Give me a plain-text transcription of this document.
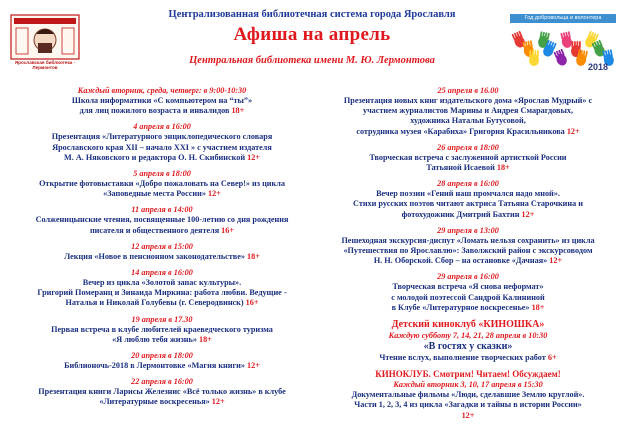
Централизованная библиотечная система города Ярославля
Афиша на апрель
Центральная библиотека имени М. Ю. Лермонтова
Ярославская библиотека · Лермонтов
Год добровольца и волонтера
2018
Каждый вторник, среда, четверг: в 9:00-10:30
Школа информатики «С компьютером на “ты”»
для лиц пожилого возраста и инвалидов 18+
4 апреля в 16:00
Презентация «Литературного энциклопедического словаря
Ярославского края XII – начало XXI » с участием издателя
М. А. Няковского и редактора О. Н. Скибинской 12+
5 апреля в 18:00
Открытие фотовыставки «Добро пожаловать на Север!» из цикла
«Заповедные места России» 12+
11 апреля в 14:00
Солженицынские чтения, посвященные 100-летию со дня рождения
писателя и общественного деятеля 16+
12 апреля в 15:00
Лекция «Новое в пенсионном законодательстве» 18+
14 апреля в 16:00
Вечер из цикла «Золотой запас культуры».
Григорий Померанц и Зинаида Миркина: работа любви. Ведущие -
Наталья и Николай Голубевы (г. Северодвинск) 16+
19 апреля в 17.30
Первая встреча в клубе любителей краеведческого туризма
«Я люблю тебя жизнь» 18+
20 апреля в 18:00
Библионочь-2018 в Лермонтовке «Магия книги» 12+
22 апреля в 16:00
Презентация книги Ларисы Железнис «Всё только жизнь» в клубе
«Литературные воскресенья» 12+
25 апреля в 16.00
Презентация новых книг издательского дома «Ярослав Мудрый» с
участием журналистов Марины и Андрея Смарагдовых,
художника Натальи Бутусовой,
сотрудника музея «Карабиха» Григория Красильникова 12+
26 апреля в 18:00
Творческая встреча с заслуженной артисткой России
Татьяной Исаевой 18+
28 апреля в 16:00
Вечер поэзии «Гений наш промчался надо мной».
Стихи русских поэтов читают актриса Татьяна Старочкина и
фотохудожник Дмитрий Бахтин 12+
29 апреля в 13:00
Пешеходная экскурсия-диспут «Ломать нельзя сохранить» из цикла
«Путешествия по Ярославлю»: Заволжский район с экскурсоводом
Н. Н. Оборской. Сбор – на остановке «Дачная» 12+
29 апреля в 16:00
Творческая встреча «Я снова неформат»
с молодой поэтессой Сандрой Калининой
в Клубе «Литературное воскресенье» 18+
Детский киноклуб «КИНОШКА»
Каждую субботу 7, 14, 21, 28 апреля в 10:30
«В гостях у сказки»
Чтение вслух, выполнение творческих работ 6+
КИНОКЛУБ. Смотрим! Читаем! Обсуждаем!
Каждый вторник 3, 10, 17 апреля в 15:30
Документальные фильмы «Люди, сделавшие Землю круглой».
Части 1, 2, 3, 4 из цикла «Загадки и тайны в истории России»
12+
